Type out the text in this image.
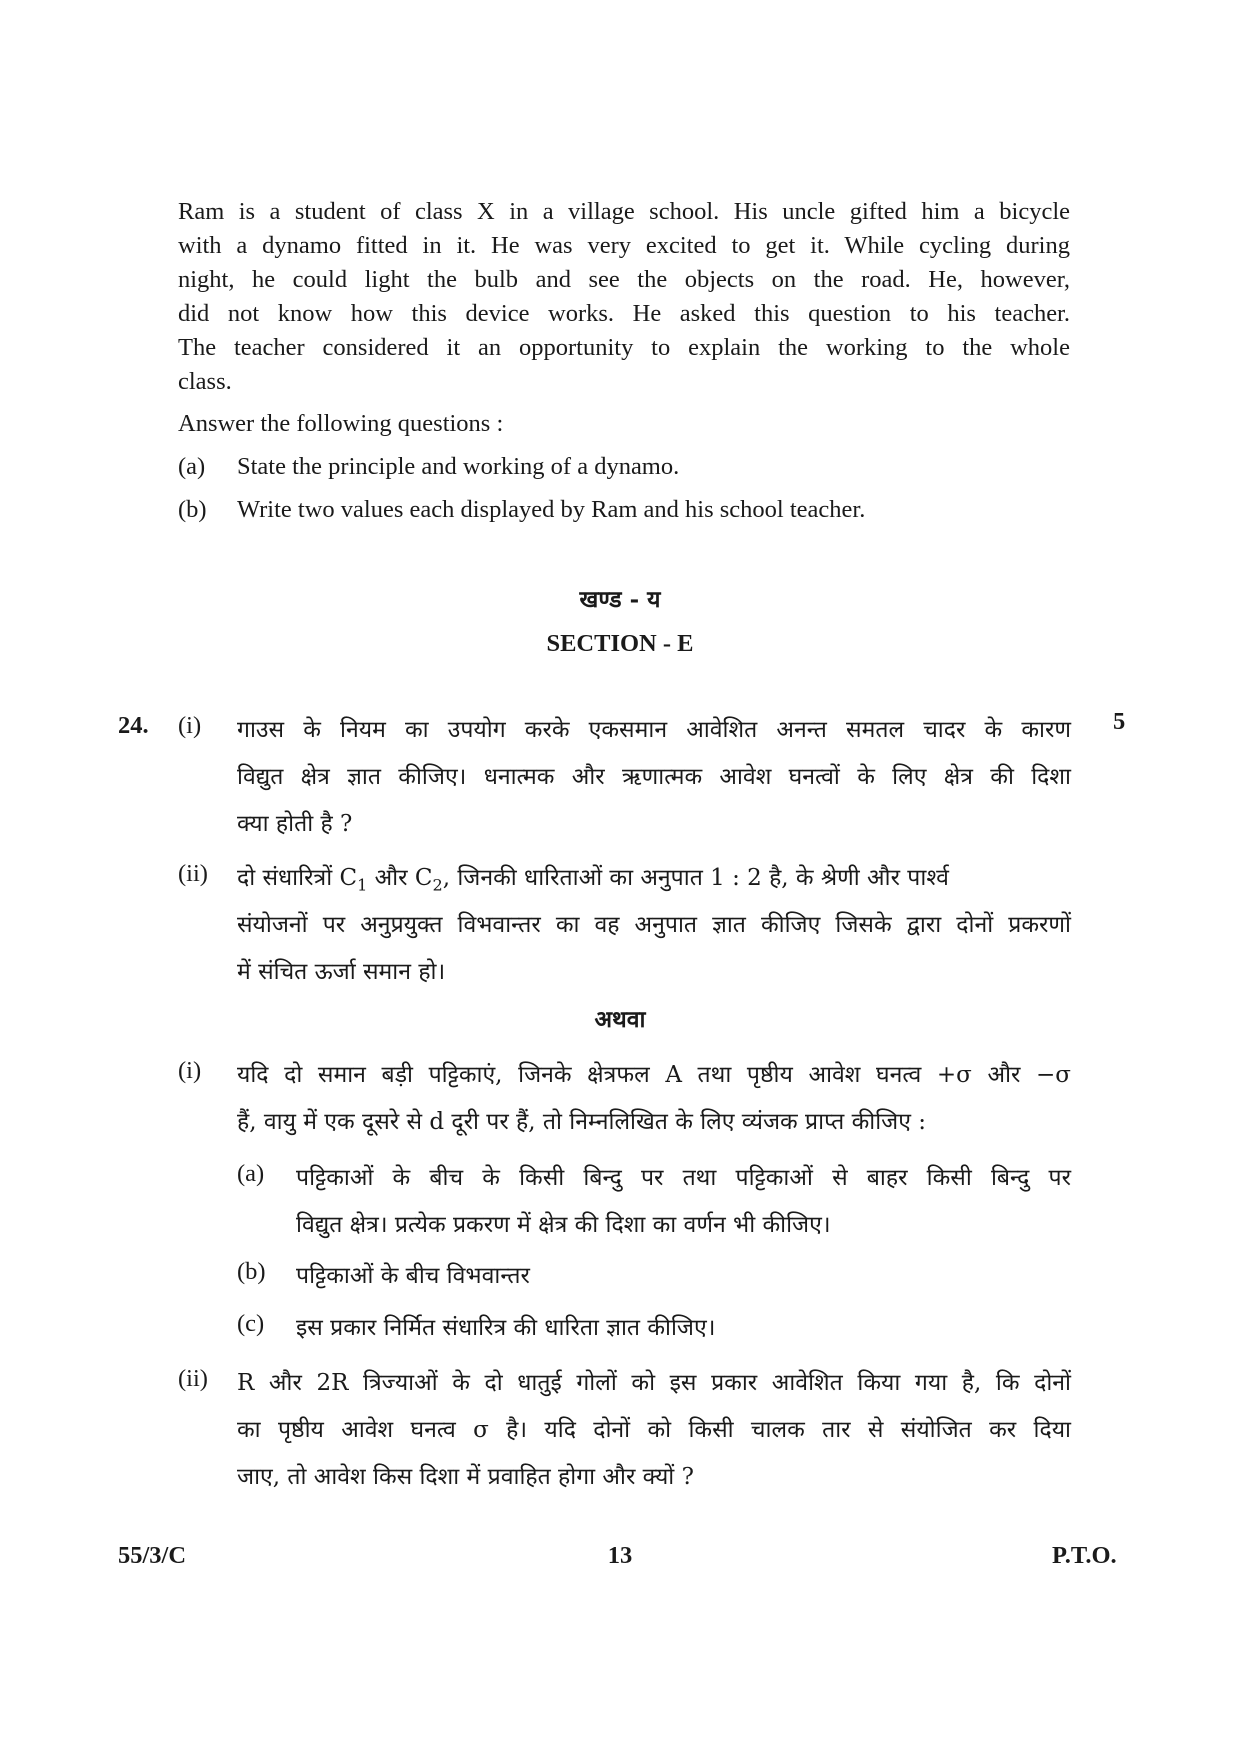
Ram is a student of class X in a village school. His uncle gifted him a bicycle
with a dynamo fitted in it. He was very excited to get it. While cycling during
night, he could light the bulb and see the objects on the road. He, however,
did not know how this device works. He asked this question to his teacher.
The teacher considered it an opportunity to explain the working to the whole
class.
Answer the following questions :
(a) State the principle and working of a dynamo.
(b) Write two values each displayed by Ram and his school teacher.
खण्ड - य
SECTION - E
24.	5
(i) गाउस के नियम का उपयोग करके एकसमान आवेशित अनन्त समतल चादर के कारण
विद्युत क्षेत्र ज्ञात कीजिए। धनात्मक और ऋणात्मक आवेश घनत्वों के लिए क्षेत्र की दिशा
क्या होती है ?
(ii) दो संधारित्रों $C_1$ और $C_2$, जिनकी धारिताओं का अनुपात 1 : 2 है, के श्रेणी और पार्श्व
संयोजनों पर अनुप्रयुक्त विभवान्तर का वह अनुपात ज्ञात कीजिए जिसके द्वारा दोनों प्रकरणों
में संचित ऊर्जा समान हो।
अथवा
(i) यदि दो समान बड़ी पट्टिकाएं, जिनके क्षेत्रफल A तथा पृष्ठीय आवेश घनत्व +σ और −σ
हैं, वायु में एक दूसरे से d दूरी पर हैं, तो निम्नलिखित के लिए व्यंजक प्राप्त कीजिए :
(a) पट्टिकाओं के बीच के किसी बिन्दु पर तथा पट्टिकाओं से बाहर किसी बिन्दु पर
विद्युत क्षेत्र। प्रत्येक प्रकरण में क्षेत्र की दिशा का वर्णन भी कीजिए।
(b) पट्टिकाओं के बीच विभवान्तर
(c) इस प्रकार निर्मित संधारित्र की धारिता ज्ञात कीजिए।
(ii) R और 2R त्रिज्याओं के दो धातुई गोलों को इस प्रकार आवेशित किया गया है, कि दोनों
का पृष्ठीय आवेश घनत्व σ है। यदि दोनों को किसी चालक तार से संयोजित कर दिया
जाए, तो आवेश किस दिशा में प्रवाहित होगा और क्यों ?
55/3/C	13	P.T.O.
